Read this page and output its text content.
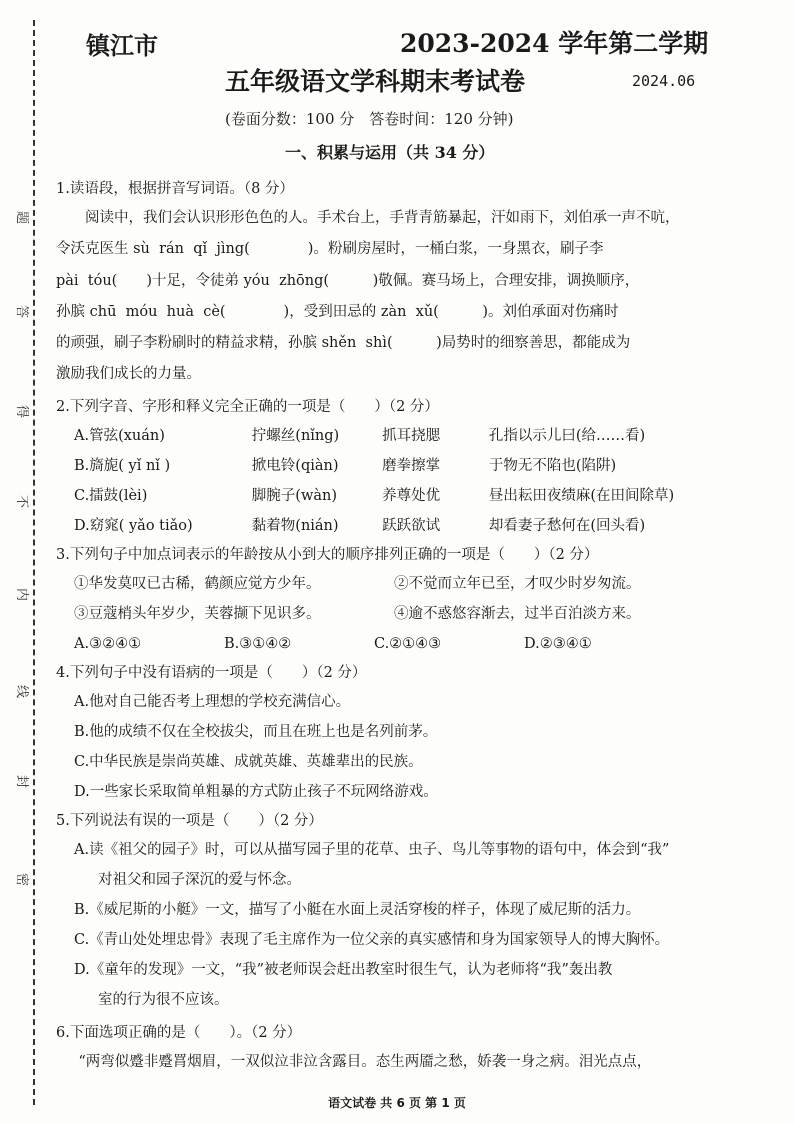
题
答
得
不
内
线
封
密
镇江市	2023-2024 学年第二学期
五年级语文学科期末考试卷	2024.06
(卷面分数：100 分　答卷时间：120 分钟)
一、积累与运用（共 34 分）
1.读语段，根据拼音写词语。（8 分）

阅读中，我们会认识形形色色的人。手术台上，手背青筋暴起，汗如雨下，刘伯承一声不吭，

令沃克医生 sù  rán  qǐ  jìng(　　　　)。粉刷房屋时，一桶白浆，一身黑衣，刷子李

pài  tóu(　　)十足，令徒弟 yóu  zhōng(　　　)敬佩。赛马场上，合理安排，调换顺序，

孙膑 chū  móu  huà  cè(　　　　)，受到田忌的 zàn  xǔ(　　　)。刘伯承面对伤痛时

的顽强，刷子李粉刷时的精益求精，孙膑 shěn  shì(　　　)局势时的细察善思，都能成为

激励我们成长的力量。

2.下列字音、字形和释义完全正确的一项是（　　）（2 分）
A.管弦(xuán)	拧螺丝(nǐng)	抓耳挠腮	孔指以示儿曰(给……看)
B.旖旎( yǐ nǐ )	掀电铃(qiàn)	磨拳擦掌	于物无不陷也(陷阱)
C.擂鼓(lèi)	脚腕子(wàn)	养尊处优	昼出耘田夜绩麻(在田间除草)
D.窈窕( yǎo tiǎo)	黏着物(nián)	跃跃欲试	却看妻子愁何在(回头看)
3.下列句子中加点词表示的年龄按从小到大的顺序排列正确的一项是（　　）（2 分）
①华发莫叹已古稀，鹤颜应觉方少年。	②不觉而立年已至，才叹少时岁匆流。
③豆蔻梢头年岁少，芙蓉撷下见识多。	④逾不惑悠容渐去，过半百泊淡方来。
A.③②④①	B.③①④②	C.②①④③	D.②③④①
4.下列句子中没有语病的一项是（　　）（2 分）
A.他对自己能否考上理想的学校充满信心。
B.他的成绩不仅在全校拔尖，而且在班上也是名列前茅。
C.中华民族是崇尚英雄、成就英雄、英雄辈出的民族。
D.一些家长采取简单粗暴的方式防止孩子不玩网络游戏。
5.下列说法有误的一项是（　　）（2 分）
A.读《祖父的园子》时，可以从描写园子里的花草、虫子、鸟儿等事物的语句中，体会到“我”
对祖父和园子深沉的爱与怀念。
B.《威尼斯的小艇》一文，描写了小艇在水面上灵活穿梭的样子，体现了威尼斯的活力。
C.《青山处处埋忠骨》表现了毛主席作为一位父亲的真实感情和身为国家领导人的博大胸怀。
D.《童年的发现》一文，“我”被老师误会赶出教室时很生气，认为老师将“我”轰出教
室的行为很不应该。
6.下面选项正确的是（　　）。（2 分）
“两弯似蹙非蹙罥烟眉，一双似泣非泣含露目。态生两靥之愁，娇袭一身之病。泪光点点，
语文试卷 共 6 页 第 1 页
